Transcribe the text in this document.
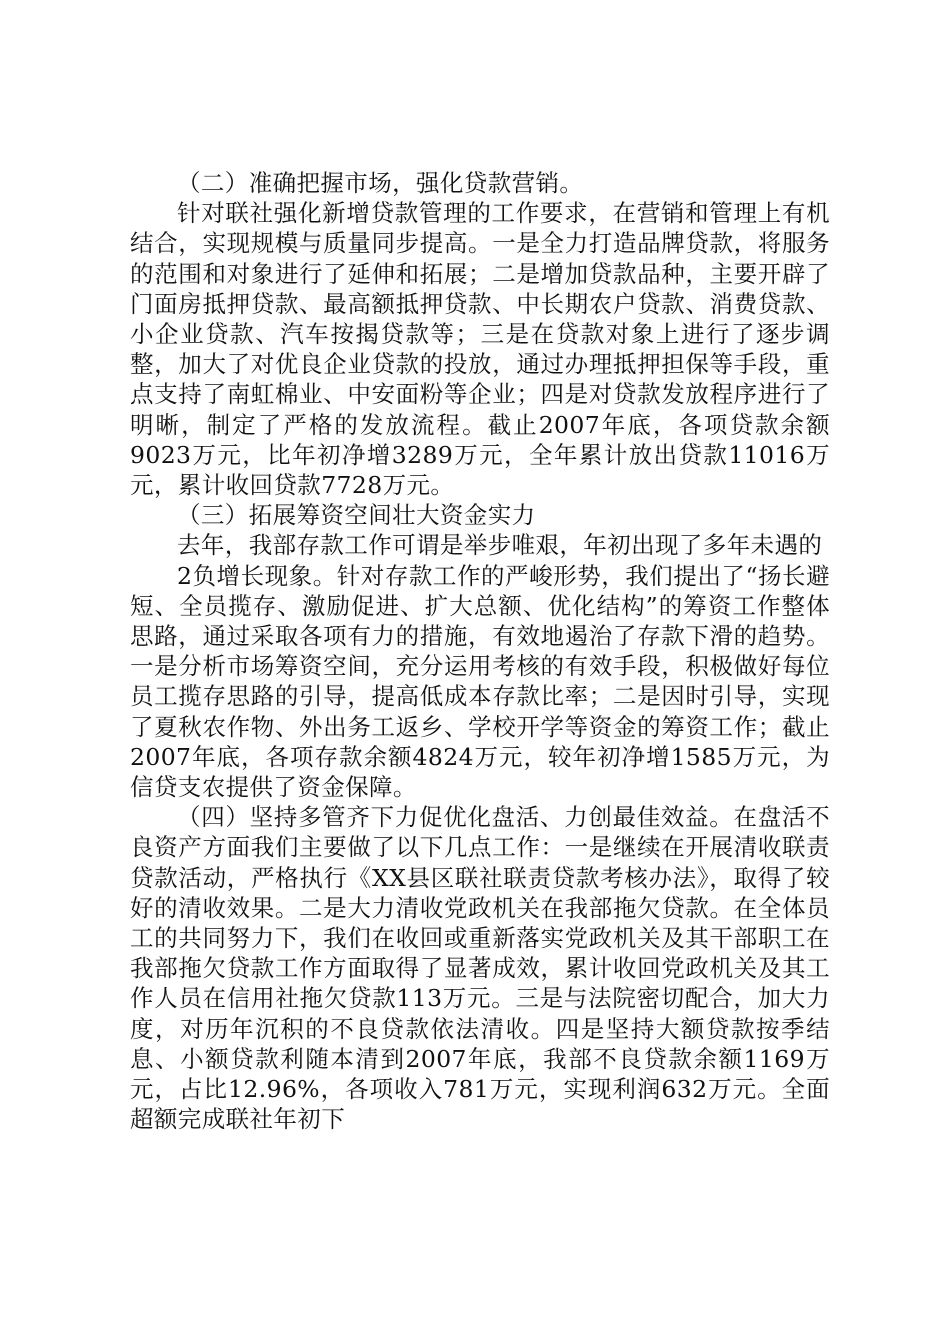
（二）准确把握市场，强化贷款营销。

针对联社强化新增贷款管理的工作要求，在营销和管理上有机结合，实现规模与质量同步提高。一是全力打造品牌贷款，将服务的范围和对象进行了延伸和拓展；二是增加贷款品种，主要开辟了门面房抵押贷款、最高额抵押贷款、中长期农户贷款、消费贷款、小企业贷款、汽车按揭贷款等；三是在贷款对象上进行了逐步调整，加大了对优良企业贷款的投放，通过办理抵押担保等手段，重点支持了南虹棉业、中安面粉等企业；四是对贷款发放程序进行了明晰，制定了严格的发放流程。截止2007年底，各项贷款余额9023万元，比年初净增3289万元，全年累计放出贷款11016万元，累计收回贷款7728万元。

（三）拓展筹资空间壮大资金实力

去年，我部存款工作可谓是举步唯艰，年初出现了多年未遇的

2负增长现象。针对存款工作的严峻形势，我们提出了“扬长避短、全员揽存、激励促进、扩大总额、优化结构”的筹资工作整体思路，通过采取各项有力的措施，有效地遏治了存款下滑的趋势。一是分析市场筹资空间，充分运用考核的有效手段，积极做好每位员工揽存思路的引导，提高低成本存款比率；二是因时引导，实现了夏秋农作物、外出务工返乡、学校开学等资金的筹资工作；截止2007年底，各项存款余额4824万元，较年初净增1585万元，为信贷支农提供了资金保障。

（四）坚持多管齐下力促优化盘活、力创最佳效益。在盘活不良资产方面我们主要做了以下几点工作：一是继续在开展清收联责贷款活动，严格执行《XX县区联社联责贷款考核办法》，取得了较好的清收效果。二是大力清收党政机关在我部拖欠贷款。在全体员工的共同努力下，我们在收回或重新落实党政机关及其干部职工在我部拖欠贷款工作方面取得了显著成效，累计收回党政机关及其工作人员在信用社拖欠贷款113万元。三是与法院密切配合，加大力度，对历年沉积的不良贷款依法清收。四是坚持大额贷款按季结息、小额贷款利随本清到2007年底，我部不良贷款余额1169万元，占比12.96%，各项收入781万元，实现利润632万元。全面超额完成联社年初下
